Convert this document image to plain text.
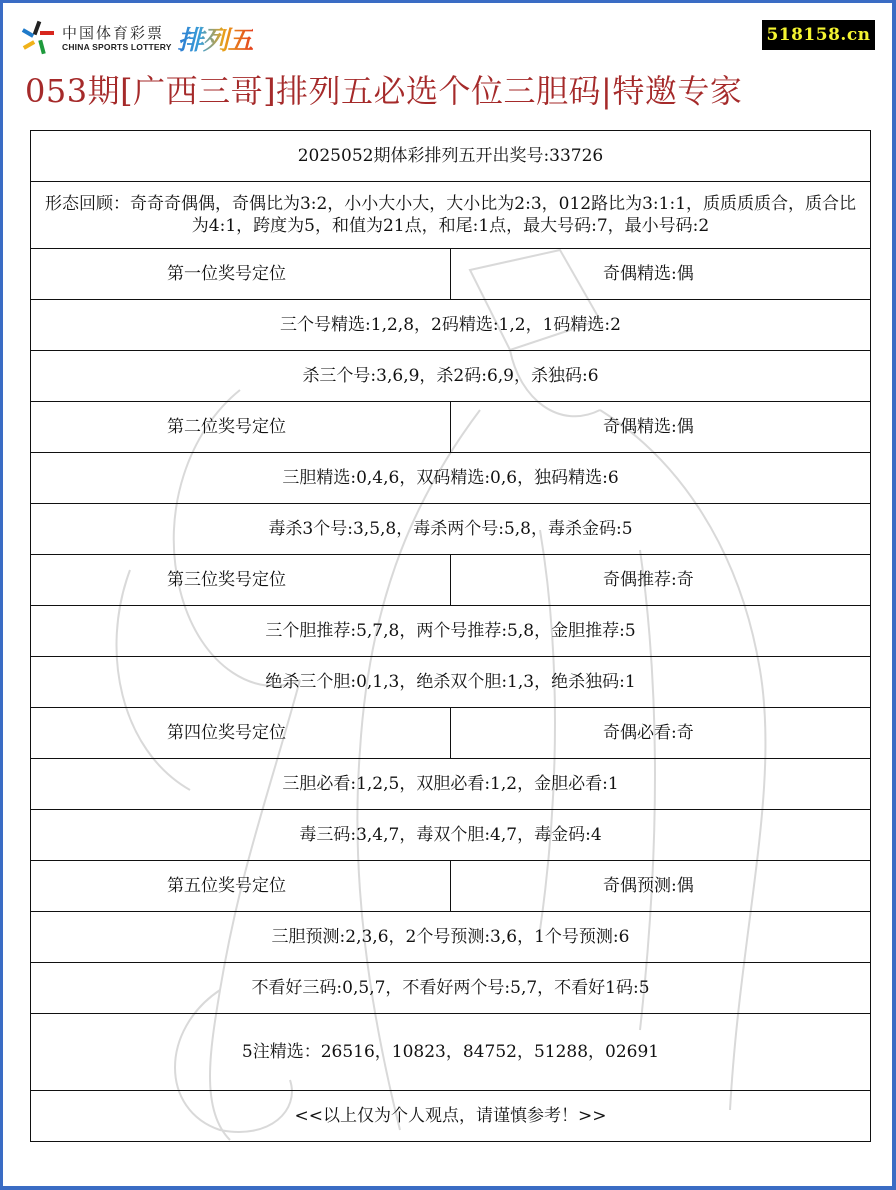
中国体育彩票
CHINA SPORTS LOTTERY 排列五	518158.cn
053期[广西三哥]排列五必选个位三胆码|特邀专家
2025052期体彩排列五开出奖号:33726	
形态回顾：奇奇奇偶偶，奇偶比为3:2，小小大小大，大小比为2:3，012路比为3:1:1，质质质质合，质合比为4:1，跨度为5，和值为21点，和尾:1点，最大号码:7，最小号码:2	
第一位奖号定位	奇偶精选:偶
三个号精选:1,2,8，2码精选:1,2，1码精选:2	
杀三个号:3,6,9，杀2码:6,9，杀独码:6	
第二位奖号定位	奇偶精选:偶
三胆精选:0,4,6，双码精选:0,6，独码精选:6	
毒杀3个号:3,5,8，毒杀两个号:5,8，毒杀金码:5	
第三位奖号定位	奇偶推荐:奇
三个胆推荐:5,7,8，两个号推荐:5,8，金胆推荐:5	
绝杀三个胆:0,1,3，绝杀双个胆:1,3，绝杀独码:1	
第四位奖号定位	奇偶必看:奇
三胆必看:1,2,5，双胆必看:1,2，金胆必看:1	
毒三码:3,4,7，毒双个胆:4,7，毒金码:4	
第五位奖号定位	奇偶预测:偶
三胆预测:2,3,6，2个号预测:3,6，1个号预测:6	
不看好三码:0,5,7，不看好两个号:5,7，不看好1码:5	
5注精选：26516，10823，84752，51288，02691	
<<以上仅为个人观点，请谨慎参考！>>	
